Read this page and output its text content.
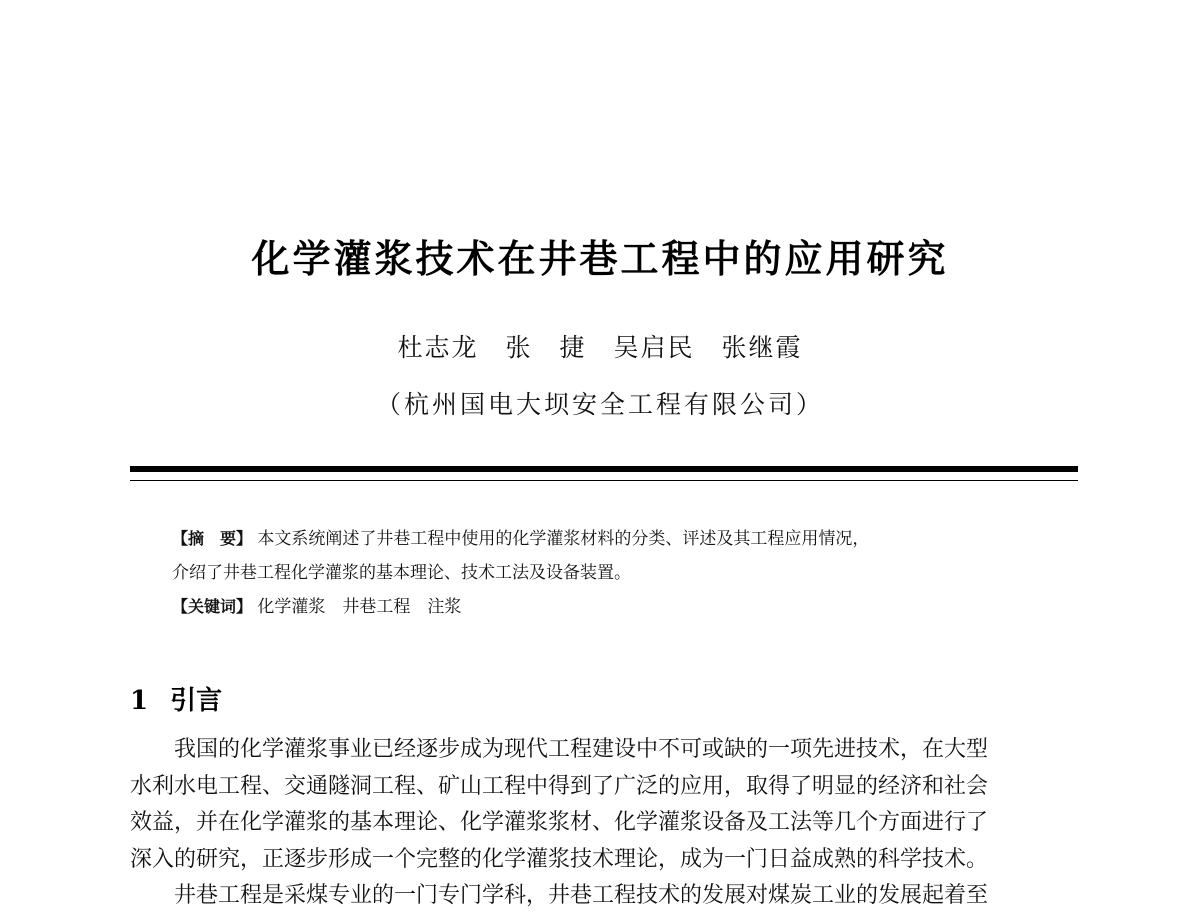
化学灌浆技术在井巷工程中的应用研究
杜志龙　张　捷　吴启民　张继霞
（杭州国电大坝安全工程有限公司）
【摘　要】 本文系统阐述了井巷工程中使用的化学灌浆材料的分类、评述及其工程应用情况，
介绍了井巷工程化学灌浆的基本理论、技术工法及设备装置。
【关键词】 化学灌浆　井巷工程　注浆
1 引言
我国的化学灌浆事业已经逐步成为现代工程建设中不可或缺的一项先进技术，在大型
水利水电工程、交通隧洞工程、矿山工程中得到了广泛的应用，取得了明显的经济和社会
效益，并在化学灌浆的基本理论、化学灌浆浆材、化学灌浆设备及工法等几个方面进行了
深入的研究，正逐步形成一个完整的化学灌浆技术理论，成为一门日益成熟的科学技术。
井巷工程是采煤专业的一门专门学科，井巷工程技术的发展对煤炭工业的发展起着至
